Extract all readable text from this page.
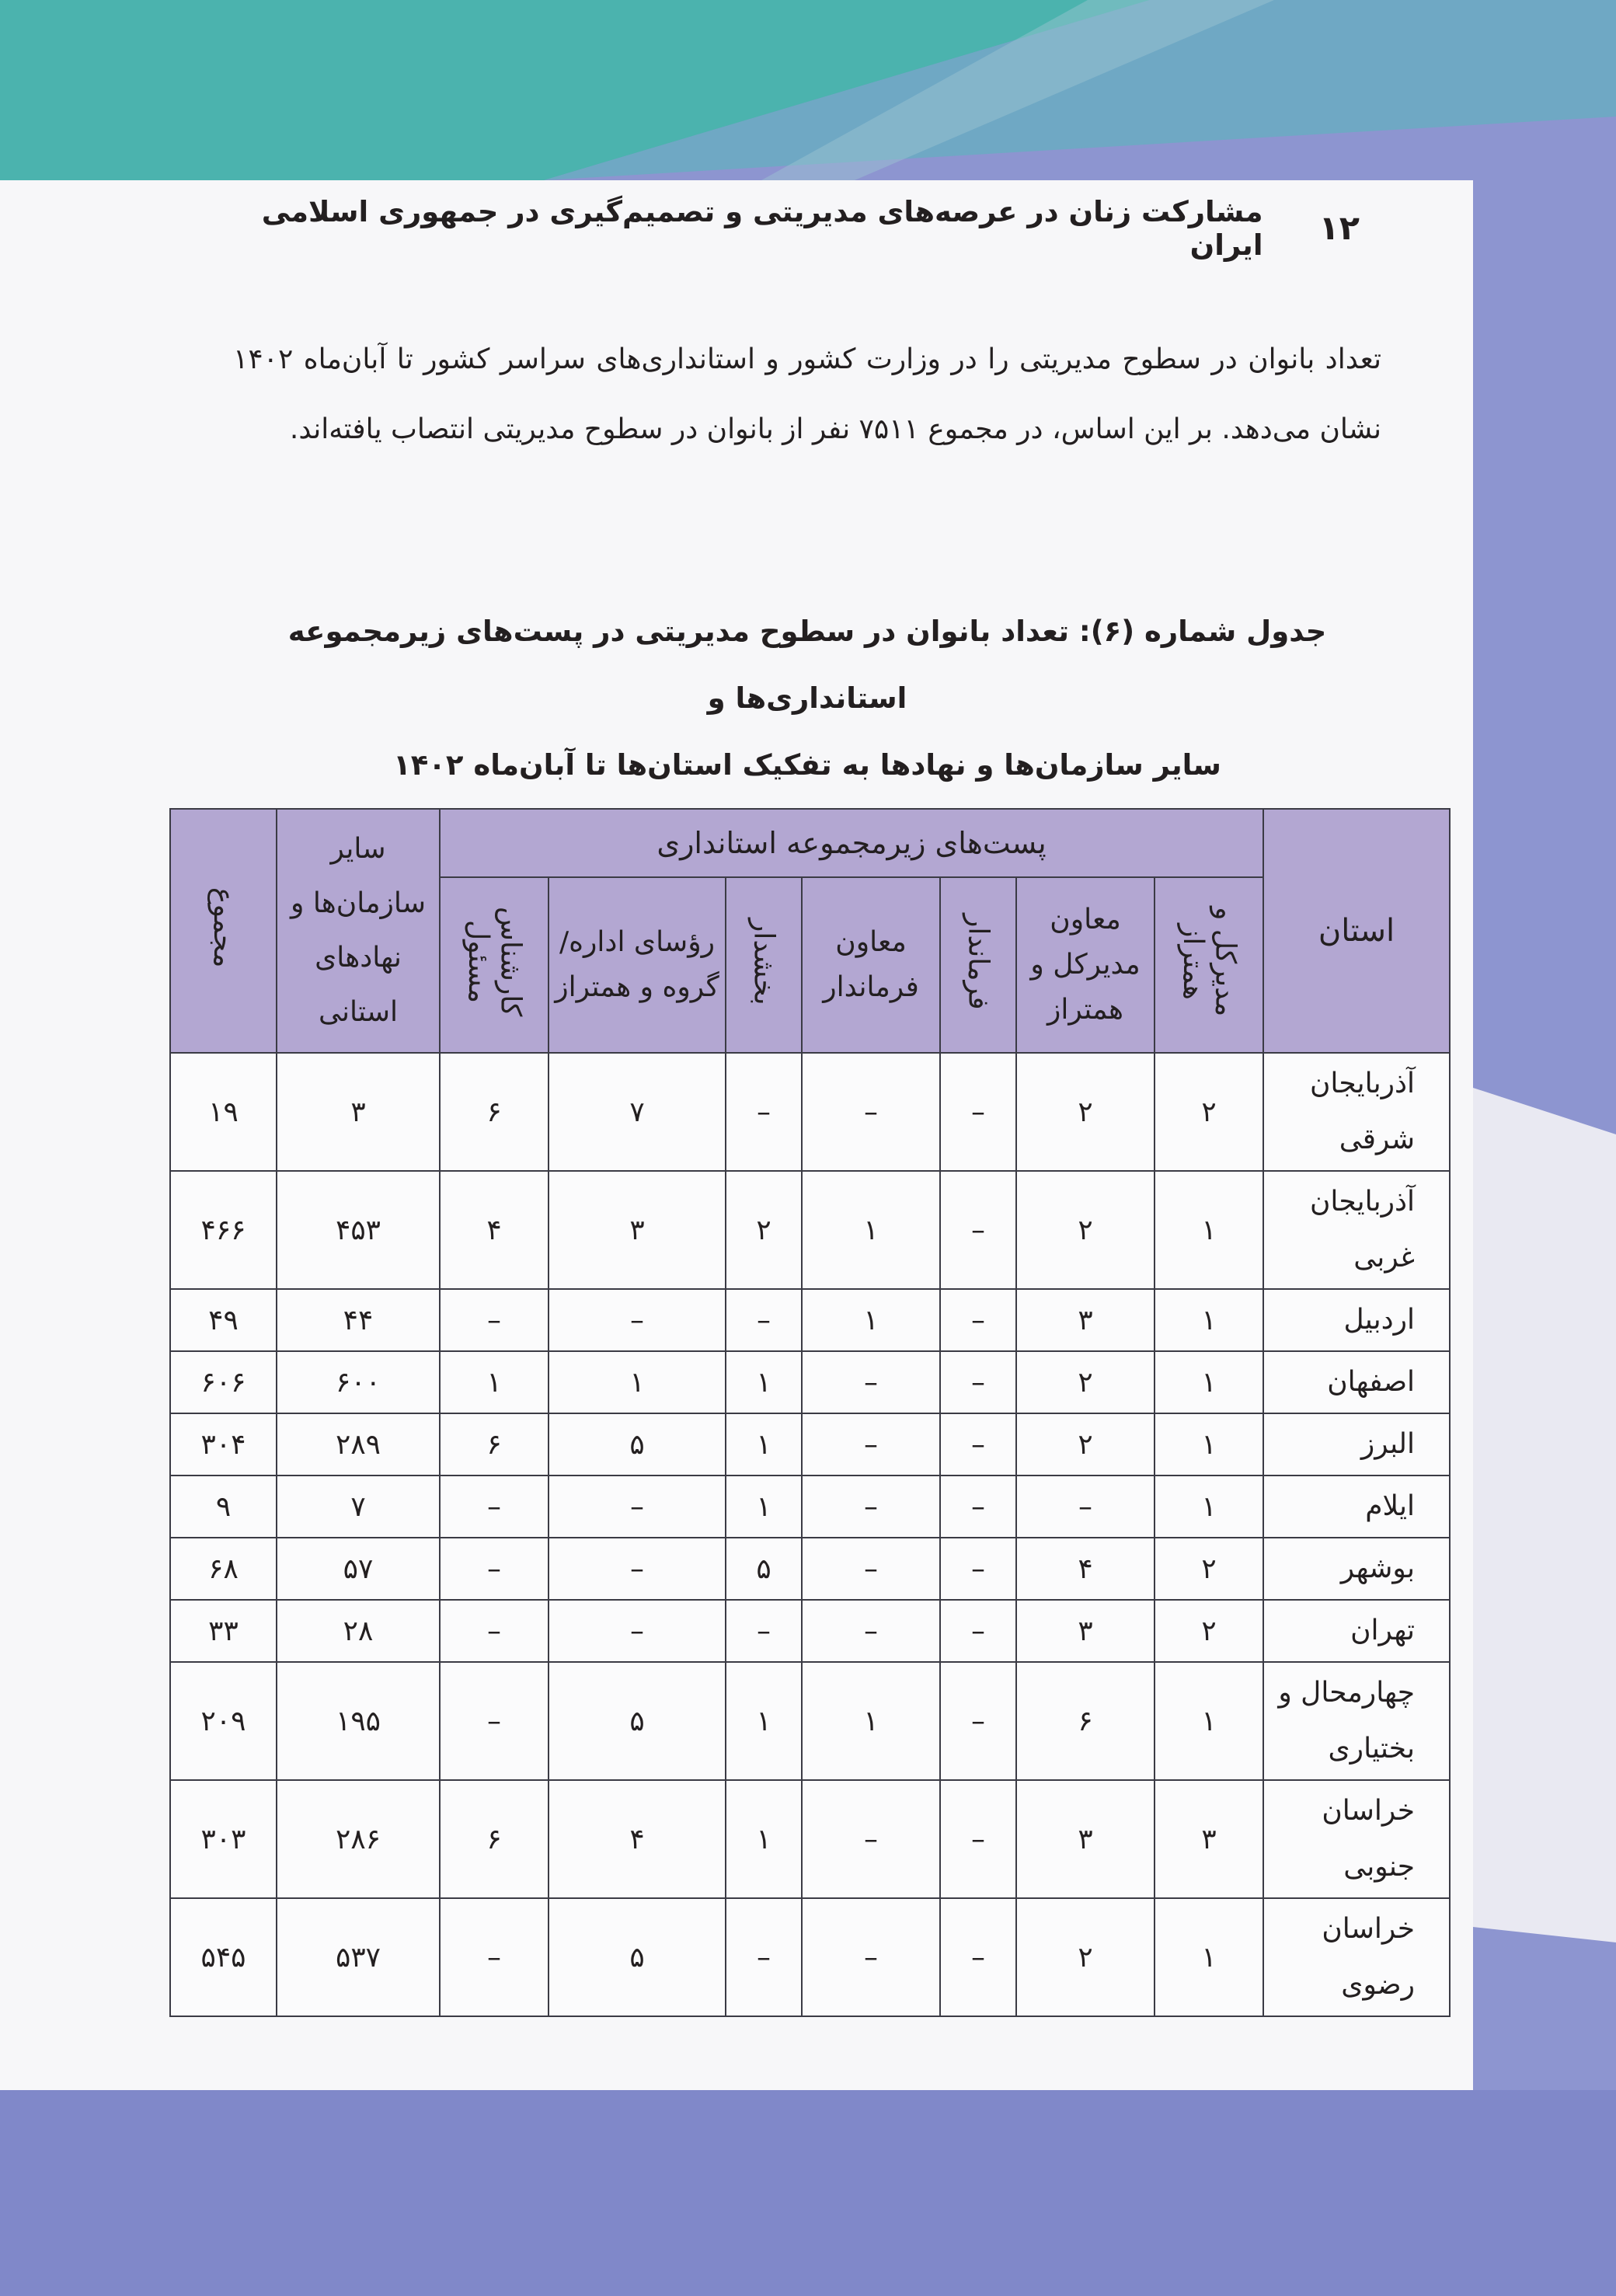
۱۲
مشارکت زنان در عرصه‌های مدیریتی و تصمیم‌گیری در جمهوری اسلامی ایران
تعداد بانوان در سطوح مدیریتی را در وزارت کشور و استانداری‌های سراسر کشور تا آبان‌ماه ۱۴۰۲ نشان می‌دهد. بر این اساس، در مجموع ۷۵۱۱ نفر از بانوان در سطوح مدیریتی انتصاب یافته‌اند.
جدول شماره (۶): تعداد بانوان در سطوح مدیریتی در پست‌های زیرمجموعه استانداری‌ها و
سایر سازمان‌ها و نهادها به تفکیک استان‌ها تا آبان‌ماه ۱۴۰۲
استان	پست‌های زیرمجموعه استانداری							سایر سازمان‌ها و نهادهای استانی	مجموع
	مدیرکل و همتراز	معاون مدیرکل و همتراز	فرماندار	معاون فرماندار	بخشدار	رؤسای اداره/ گروه و همتراز	کارشناس مسئول		
آذربایجان شرقی	۲	۲	–	–	–	۷	۶	۳	۱۹
آذربایجان غربی	۱	۲	–	۱	۲	۳	۴	۴۵۳	۴۶۶
اردبیل	۱	۳	–	۱	–	–	–	۴۴	۴۹
اصفهان	۱	۲	–	–	۱	۱	۱	۶۰۰	۶۰۶
البرز	۱	۲	–	–	۱	۵	۶	۲۸۹	۳۰۴
ایلام	۱	–	–	–	۱	–	–	۷	۹
بوشهر	۲	۴	–	–	۵	–	–	۵۷	۶۸
تهران	۲	۳	–	–	–	–	–	۲۸	۳۳
چهارمحال و بختیاری	۱	۶	–	۱	۱	۵	–	۱۹۵	۲۰۹
خراسان جنوبی	۳	۳	–	–	۱	۴	۶	۲۸۶	۳۰۳
خراسان رضوی	۱	۲	–	–	–	۵	–	۵۳۷	۵۴۵
